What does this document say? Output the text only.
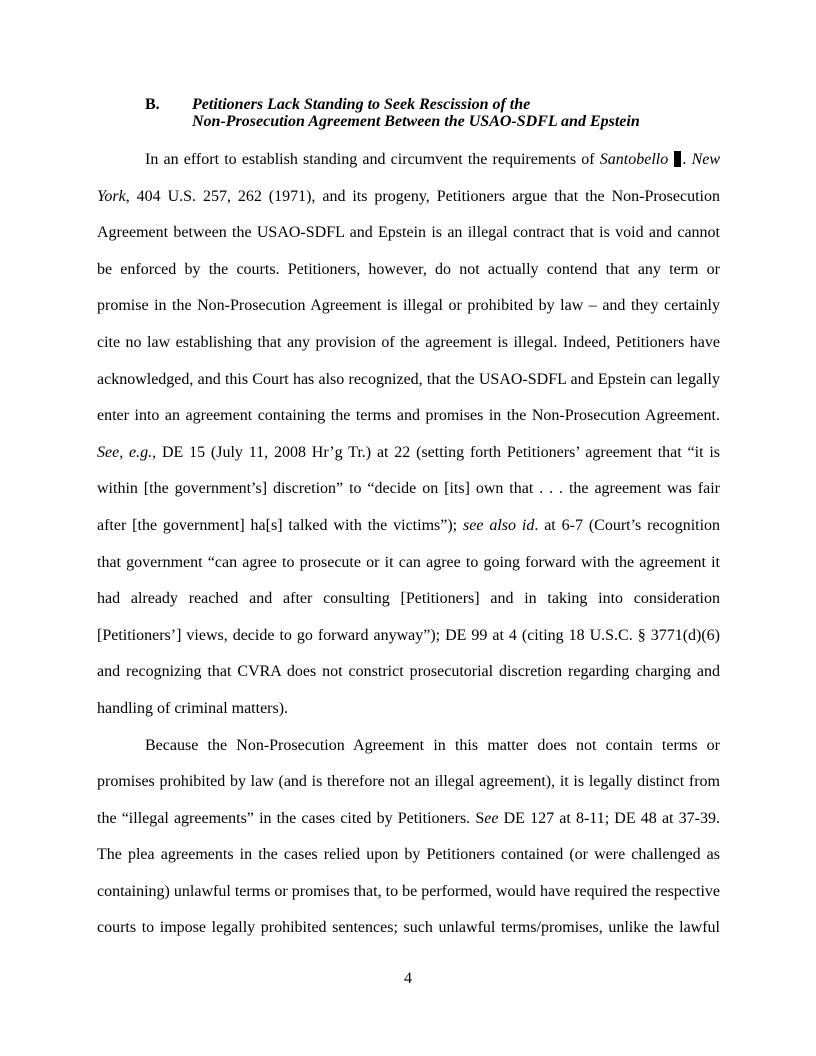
B. Petitioners Lack Standing to Seek Rescission of the
Non-Prosecution Agreement Between the USAO-SDFL and Epstein
In an effort to establish standing and circumvent the requirements of Santobello . New
York, 404 U.S. 257, 262 (1971), and its progeny, Petitioners argue that the Non-Prosecution
Agreement between the USAO-SDFL and Epstein is an illegal contract that is void and cannot
be enforced by the courts. Petitioners, however, do not actually contend that any term or
promise in the Non-Prosecution Agreement is illegal or prohibited by law – and they certainly
cite no law establishing that any provision of the agreement is illegal. Indeed, Petitioners have
acknowledged, and this Court has also recognized, that the USAO-SDFL and Epstein can legally
enter into an agreement containing the terms and promises in the Non-Prosecution Agreement.
See, e.g., DE 15 (July 11, 2008 Hr’g Tr.) at 22 (setting forth Petitioners’ agreement that “it is
within [the government’s] discretion” to “decide on [its] own that . . . the agreement was fair
after [the government] ha[s] talked with the victims”); see also id. at 6-7 (Court’s recognition
that government “can agree to prosecute or it can agree to going forward with the agreement it
had already reached and after consulting [Petitioners] and in taking into consideration
[Petitioners’] views, decide to go forward anyway”); DE 99 at 4 (citing 18 U.S.C. § 3771(d)(6)
and recognizing that CVRA does not constrict prosecutorial discretion regarding charging and
handling of criminal matters).
Because the Non-Prosecution Agreement in this matter does not contain terms or
promises prohibited by law (and is therefore not an illegal agreement), it is legally distinct from
the “illegal agreements” in the cases cited by Petitioners. See DE 127 at 8-11; DE 48 at 37-39.
The plea agreements in the cases relied upon by Petitioners contained (or were challenged as
containing) unlawful terms or promises that, to be performed, would have required the respective
courts to impose legally prohibited sentences; such unlawful terms/promises, unlike the lawful
4
